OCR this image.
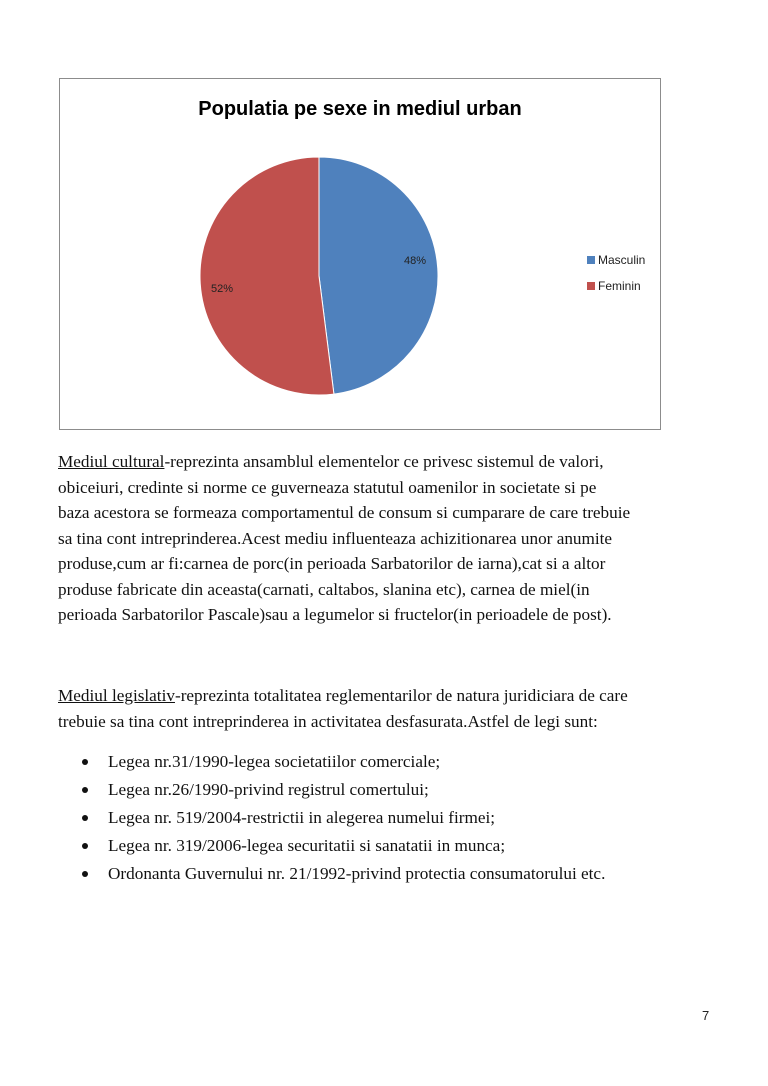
Populatia pe sexe in mediul urban
48%
52%
Masculin
Feminin

Mediul cultural-reprezinta ansamblul elementelor ce privesc sistemul de valori,
obiceiuri, credinte si norme ce guverneaza statutul oamenilor in societate si pe
baza acestora se formeaza comportamentul de consum si cumparare de care trebuie
sa tina cont intreprinderea.Acest mediu influenteaza achizitionarea unor anumite
produse,cum ar fi:carnea de porc(in perioada Sarbatorilor de iarna),cat si a altor
produse fabricate din aceasta(carnati, caltabos, slanina etc), carnea de miel(in
perioada Sarbatorilor Pascale)sau a legumelor si fructelor(in perioadele de post).

Mediul legislativ-reprezinta totalitatea reglementarilor de natura juridiciara de care
trebuie sa tina cont intreprinderea in activitatea desfasurata.Astfel de legi sunt:

Legea nr.31/1990-legea societatiilor comerciale;
Legea nr.26/1990-privind registrul comertului;
Legea nr. 519/2004-restrictii in alegerea numelui firmei;
Legea nr. 319/2006-legea securitatii si sanatatii in munca;
Ordonanta Guvernului nr. 21/1992-privind protectia consumatorului etc.
7
